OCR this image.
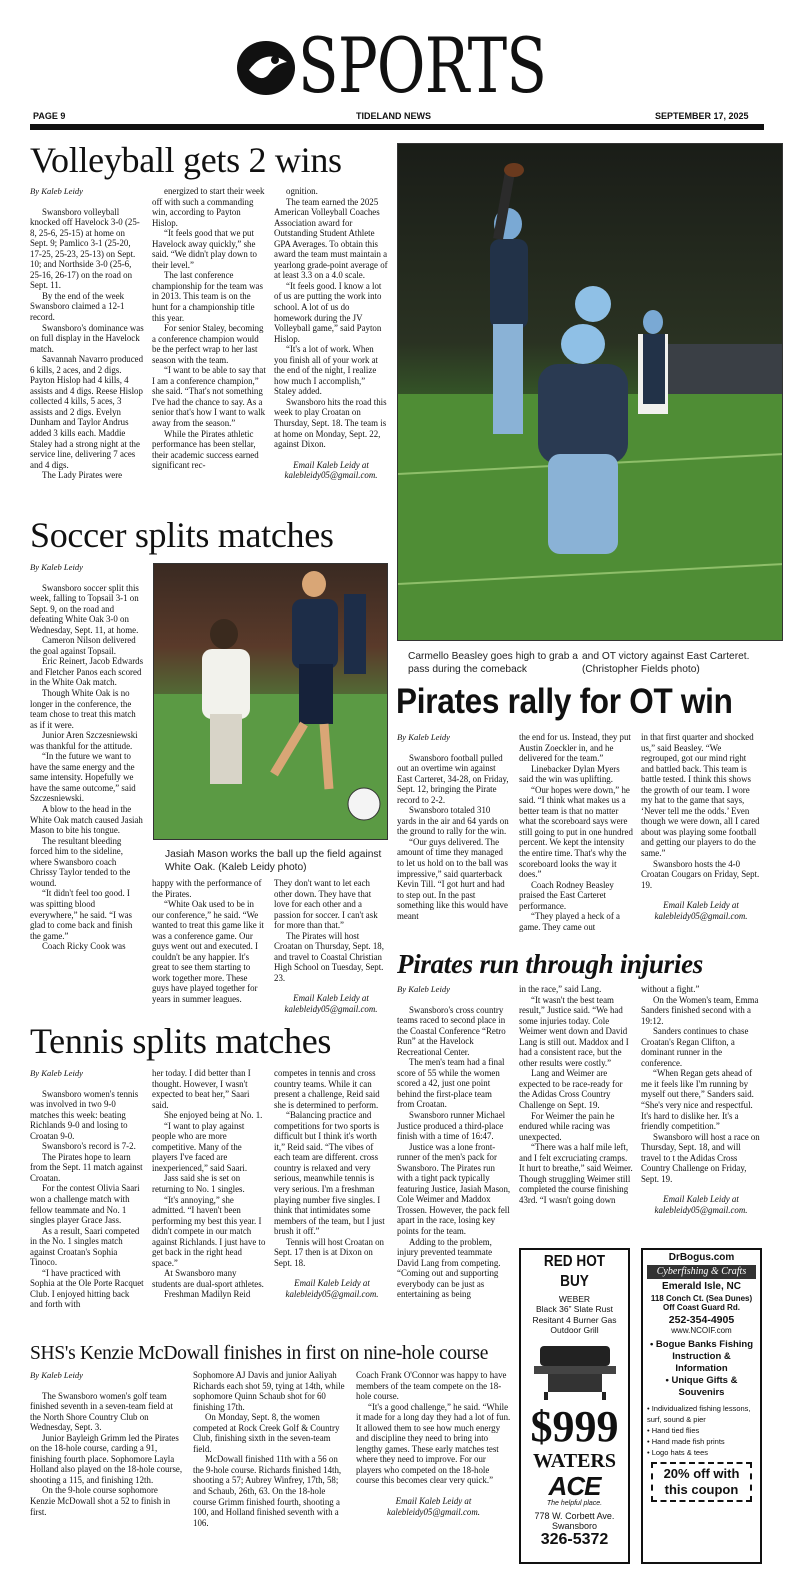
SPORTS
PAGE 9	TIDELAND NEWS	SEPTEMBER 17, 2025
Volleyball gets 2 wins
By Kaleb Leidy

Swansboro volleyball knocked off Havelock 3-0 (25-8, 25-6, 25-15) at home on Sept. 9; Pamlico 3-1 (25-20, 17-25, 25-23, 25-13) on Sept. 10; and Northside 3-0 (25-6, 25-16, 26-17) on the road on Sept. 11.

By the end of the week Swansboro claimed a 12-1 record.

Swansboro's dominance was on full display in the Havelock match.

Savannah Navarro produced 6 kills, 2 aces, and 2 digs. Payton Hislop had 4 kills, 4 assists and 4 digs. Reese Hislop collected 4 kills, 5 aces, 3 assists and 2 digs. Evelyn Dunham and Taylor Andrus added 3 kills each. Maddie Staley had a strong night at the service line, delivering 7 aces and 4 digs.

The Lady Pirates were

energized to start their week off with such a commanding win, according to Payton Hislop.

“It feels good that we put Havelock away quickly,” she said. “We didn't play down to their level.”

The last conference championship for the team was in 2013. This team is on the hunt for a championship title this year.

For senior Staley, becoming a conference champion would be the perfect wrap to her last season with the team.

“I want to be able to say that I am a conference champion,” she said. “That's not something I've had the chance to say. As a senior that's how I want to walk away from the season.”

While the Pirates athletic performance has been stellar, their academic success earned significant rec-

ognition.

The team earned the 2025 American Volleyball Coaches Association award for Outstanding Student Athlete GPA Averages. To obtain this award the team must maintain a yearlong grade-point average of at least 3.3 on a 4.0 scale.

“It feels good. I know a lot of us are putting the work into school. A lot of us do homework during the JV Volleyball game,” said Payton Hislop.

“It's a lot of work. When you finish all of your work at the end of the night, I realize how much I accomplish,” Staley added.

Swansboro hits the road this week to play Croatan on Thursday, Sept. 18. The team is at home on Monday, Sept. 22, against Dixon.

Email Kaleb Leidy at kalebleidy05@gmail.com.

Carmello Beasley goes high to grab a pass during the comeback
and OT victory against East Carteret. (Christopher Fields photo)
Soccer splits matches
By Kaleb Leidy

Swansboro soccer split this week, falling to Topsail 3-1 on Sept. 9, on the road and defeating White Oak 3-0 on Wednesday, Sept. 11, at home.

Cameron Nilson delivered the goal against Topsail.

Eric Reinert, Jacob Edwards and Fletcher Panos each scored in the White Oak match.

Though White Oak is no longer in the conference, the team chose to treat this match as if it were.

Junior Aren Szczesniewski was thankful for the attitude.

“In the future we want to have the same energy and the same intensity. Hopefully we have the same outcome,” said Szczesniewski.

A blow to the head in the White Oak match caused Jasiah Mason to bite his tongue.

The resultant bleeding forced him to the sideline, where Swansboro coach Chrissy Taylor tended to the wound.

“It didn't feel too good. I was spitting blood everywhere,” he said. “I was glad to come back and finish the game.”

Coach Ricky Cook was

Jasiah Mason works the ball up the field against White Oak. (Kaleb Leidy photo)

happy with the performance of the Pirates.

“White Oak used to be in our conference,” he said. “We wanted to treat this game like it was a conference game. Our guys went out and executed. I couldn't be any happier. It's great to see them starting to work together more. These guys have played together for years in summer leagues.

They don't want to let each other down. They have that love for each other and a passion for soccer. I can't ask for more than that.”

The Pirates will host Croatan on Thursday, Sept. 18, and travel to Coastal Christian High School on Tuesday, Sept. 23.

Email Kaleb Leidy at kalebleidy05@gmail.com.

Pirates rally for OT win
By Kaleb Leidy

Swansboro football pulled out an overtime win against East Carteret, 34-28, on Friday, Sept. 12, bringing the Pirate record to 2-2.

Swansboro totaled 310 yards in the air and 64 yards on the ground to rally for the win.

“Our guys delivered. The amount of time they managed to let us hold on to the ball was impressive,” said quarterback Kevin Till. “I got hurt and had to step out. In the past something like this would have meant

the end for us. Instead, they put Austin Zoeckler in, and he delivered for the team.”

Linebacker Dylan Myers said the win was uplifting.

“Our hopes were down,” he said. “I think what makes us a better team is that no matter what the scoreboard says were still going to put in one hundred percent. We kept the intensity the entire time. That's why the scoreboard looks the way it does.”

Coach Rodney Beasley praised the East Carteret performance.

“They played a heck of a game. They came out

in that first quarter and shocked us,” said Beasley. “We regrouped, got our mind right and battled back. This team is battle tested. I think this shows the growth of our team. I wore my hat to the game that says, ‘Never tell me the odds.’ Even though we were down, all I cared about was playing some football and getting our players to do the same.”

Swansboro hosts the 4-0 Croatan Cougars on Friday, Sept. 19.

Email Kaleb Leidy at kalebleidy05@gmail.com.

Pirates run through injuries
By Kaleb Leidy

Swansboro's cross country teams raced to second place in the Coastal Conference “Retro Run” at the Havelock Recreational Center.

The men's team had a final score of 55 while the women scored a 42, just one point behind the first-place team from Croatan.

Swansboro runner Michael Justice produced a third-place finish with a time of 16:47.

Justice was a lone front-runner of the men's pack for Swansboro. The Pirates run with a tight pack typically featuring Justice, Jasiah Mason, Cole Weimer and Maddox Trossen. However, the pack fell apart in the race, losing key points for the team.

Adding to the problem, injury prevented teammate David Lang from competing. “Coming out and supporting everybody can be just as entertaining as being

in the race,” said Lang.

“It wasn't the best team result,” Justice said. “We had some injuries today. Cole Weimer went down and David Lang is still out. Maddox and I had a consistent race, but the other results were costly.”

Lang and Weimer are expected to be race-ready for the Adidas Cross Country Challenge on Sept. 19.

For Weimer the pain he endured while racing was unexpected.

“There was a half mile left, and I felt excruciating cramps. It hurt to breathe,” said Weimer. Though struggling Weimer still completed the course finishing 43rd. “I wasn't going down

without a fight.”

On the Women's team, Emma Sanders finished second with a 19:12.

Sanders continues to chase Croatan's Regan Clifton, a dominant runner in the conference.

“When Regan gets ahead of me it feels like I'm running by myself out there,” Sanders said. “She's very nice and respectful. It's hard to dislike her. It's a friendly competition.”

Swansboro will host a race on Thursday, Sept. 18, and will travel to t the Adidas Cross Country Challenge on Friday, Sept. 19.

Email Kaleb Leidy at kalebleidy05@gmail.com.

Tennis splits matches
By Kaleb Leidy

Swansboro women's tennis was involved in two 9-0 matches this week: beating Richlands 9-0 and losing to Croatan 9-0.

Swansboro's record is 7-2.

The Pirates hope to learn from the Sept. 11 match against Croatan.

For the contest Olivia Saari won a challenge match with fellow teammate and No. 1 singles player Grace Jass.

As a result, Saari competed in the No. 1 singles match against Croatan's Sophia Tinoco.

“I have practiced with Sophia at the Ole Porte Racquet Club. I enjoyed hitting back and forth with

her today. I did better than I thought. However, I wasn't expected to beat her,” Saari said.

She enjoyed being at No. 1.

“I want to play against people who are more competitive. Many of the players I've faced are inexperienced,” said Saari.

Jass said she is set on returning to No. 1 singles.

“It's annoying,” she admitted. “I haven't been performing my best this year. I didn't compete in our match against Richlands. I just have to get back in the right head space.”

At Swansboro many students are dual-sport athletes.

Freshman Madilyn Reid

competes in tennis and cross country teams. While it can present a challenge, Reid said she is determined to perform.

“Balancing practice and competitions for two sports is difficult but I think it's worth it,” Reid said. “The vibes of each team are different. cross country is relaxed and very serious, meanwhile tennis is very serious. I'm a freshman playing number five singles. I think that intimidates some members of the team, but I just brush it off.”

Tennis will host Croatan on Sept. 17 then is at Dixon on Sept. 18.

Email Kaleb Leidy at kalebleidy05@gmail.com.

SHS's Kenzie McDowall finishes in first on nine-hole course
By Kaleb Leidy

The Swansboro women's golf team finished seventh in a seven-team field at the North Shore Country Club on Wednesday, Sept. 3.

Junior Bayleigh Grimm led the Pirates on the 18-hole course, carding a 91, finishing fourth place. Sophomore Layla Holland also played on the 18-hole course, shooting a 115, and finishing 12th.

On the 9-hole course sophomore Kenzie McDowall shot a 52 to finish in first.

Sophomore AJ Davis and junior Aaliyah Richards each shot 59, tying at 14th, while sophomore Quinn Schaub shot for 60 finishing 17th.

On Monday, Sept. 8, the women competed at Rock Creek Golf & Country Club, finishing sixth in the seven-team field.

McDowall finished 11th with a 56 on the 9-hole course. Richards finished 14th, shooting a 57; Aubrey Winfrey, 17th, 58; and Schaub, 26th, 63. On the 18-hole course Grimm finished fourth, shooting a 100, and Holland finished seventh with a 106.

Coach Frank O'Connor was happy to have members of the team compete on the 18-hole course.

“It's a good challenge,” he said. “While it made for a long day they had a lot of fun. It allowed them to see how much energy and discipline they need to bring into lengthy games. These early matches test where they need to improve. For our players who competed on the 18-hole course this becomes clear very quick.”

Email Kaleb Leidy at kalebleidy05@gmail.com.

RED HOT BUY
WEBER
Black 36” Slate Rust Resitant 4 Burner Gas Outdoor Grill
$999
WATERS
ACE
The helpful place.
778 W. Corbett Ave.
Swansboro
326-5372
DrBogus.com
Cyberfishing & Crafts
Emerald Isle, NC
118 Conch Ct. (Sea Dunes)
Off Coast Guard Rd.
252-354-4905
www.NCOIF.com
• Bogue Banks Fishing Instruction & Information
• Unique Gifts & Souvenirs
• Individualized fishing lessons, surf, sound & pier
• Hand tied flies
• Hand made fish prints
• Logo hats & tees
20% off with this coupon
